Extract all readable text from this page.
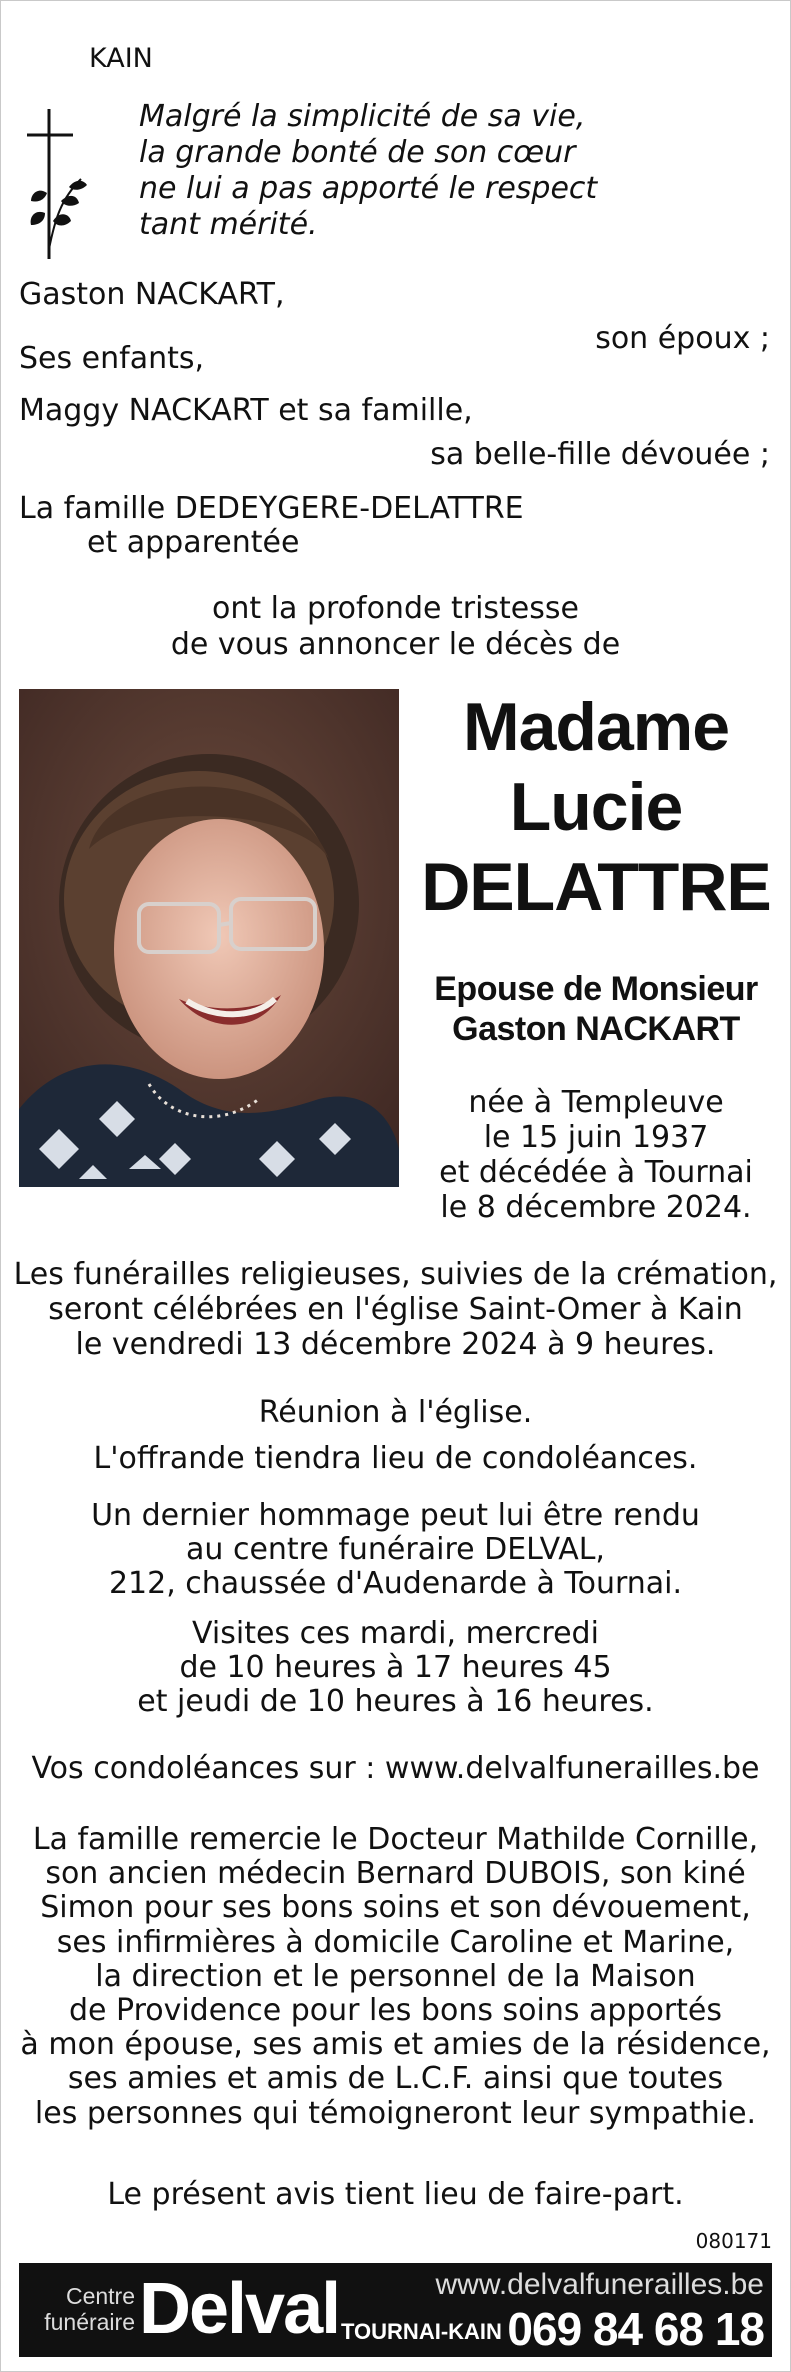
KAIN
Malgré la simplicité de sa vie,
la grande bonté de son cœur
ne lui a pas apporté le respect
tant mérité.
Gaston NACKART,
son époux ;
Ses enfants,
Maggy NACKART et sa famille,
sa belle-fille dévouée ;
La famille DEDEYGERE-DELATTRE
et apparentée
ont la profonde tristesse
de vous annoncer le décès de
Madame
Lucie
DELATTRE
Epouse de Monsieur
Gaston NACKART
née à Templeuve
le 15 juin 1937
et décédée à Tournai
le 8 décembre 2024.
Les funérailles religieuses, suivies de la crémation,
seront célébrées en l'église Saint-Omer à Kain
le vendredi 13 décembre 2024 à 9 heures.
Réunion à l'église.
L'offrande tiendra lieu de condoléances.
Un dernier hommage peut lui être rendu
au centre funéraire DELVAL,
212, chaussée d'Audenarde à Tournai.
Visites ces mardi, mercredi
de 10 heures à 17 heures 45
et jeudi de 10 heures à 16 heures.
Vos condoléances sur : www.delvalfunerailles.be
La famille remercie le Docteur Mathilde Cornille,
son ancien médecin Bernard DUBOIS, son kiné
Simon pour ses bons soins et son dévouement,
ses infirmières à domicile Caroline et Marine,
la direction et le personnel de la Maison
de Providence pour les bons soins apportés
à mon épouse, ses amis et amies de la résidence,
ses amies et amis de L.C.F. ainsi que toutes
les personnes qui témoigneront leur sympathie.
Le présent avis tient lieu de faire-part.
080171
Centre
funéraire Delval	www.delvalfunerailles.be
TOURNAI-KAIN 069 84 68 18
